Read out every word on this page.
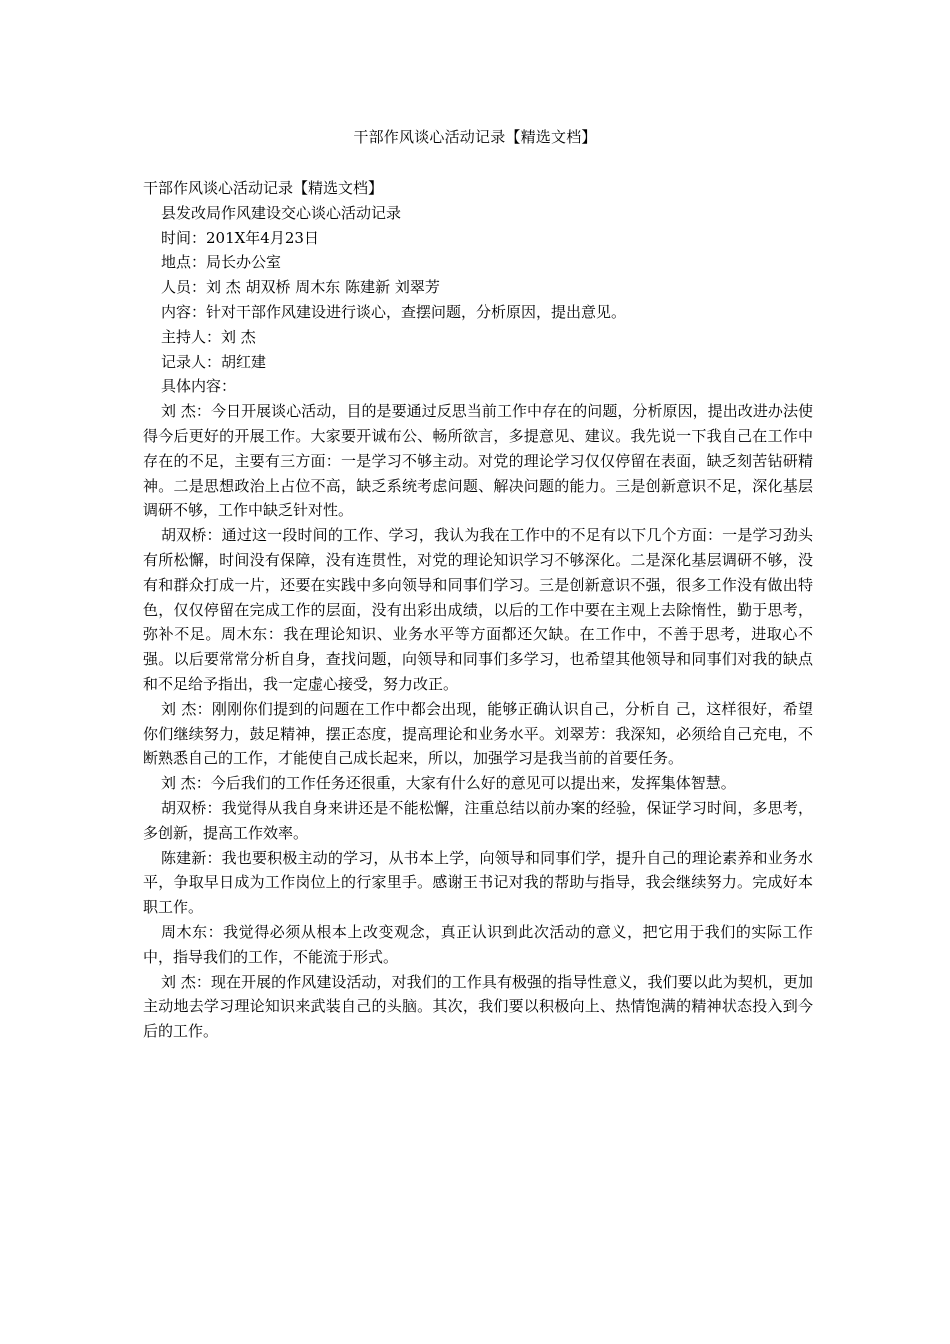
干部作风谈心活动记录【精选文档】

干部作风谈心活动记录【精选文档】

县发改局作风建设交心谈心活动记录

时间：201X年4月23日

地点：局长办公室

人员：刘 杰 胡双桥 周木东 陈建新 刘翠芳

内容：针对干部作风建设进行谈心，查摆问题，分析原因，提出意见。

主持人：刘 杰

记录人：胡红建

具体内容：

刘 杰：今日开展谈心活动，目的是要通过反思当前工作中存在的问题，分析原因，提出改进办法使得今后更好的开展工作。大家要开诚布公、畅所欲言，多提意见、建议。我先说一下我自己在工作中存在的不足，主要有三方面：一是学习不够主动。对党的理论学习仅仅停留在表面，缺乏刻苦钻研精神。二是思想政治上占位不高，缺乏系统考虑问题、解决问题的能力。三是创新意识不足，深化基层调研不够，工作中缺乏针对性。

胡双桥：通过这一段时间的工作、学习，我认为我在工作中的不足有以下几个方面：一是学习劲头有所松懈，时间没有保障，没有连贯性，对党的理论知识学习不够深化。二是深化基层调研不够，没有和群众打成一片，还要在实践中多向领导和同事们学习。三是创新意识不强，很多工作没有做出特色，仅仅停留在完成工作的层面，没有出彩出成绩，以后的工作中要在主观上去除惰性，勤于思考，弥补不足。周木东：我在理论知识、业务水平等方面都还欠缺。在工作中，不善于思考，进取心不强。以后要常常分析自身，查找问题，向领导和同事们多学习，也希望其他领导和同事们对我的缺点和不足给予指出，我一定虚心接受，努力改正。

刘 杰：刚刚你们提到的问题在工作中都会出现，能够正确认识自己，分析自 己，这样很好，希望你们继续努力，鼓足精神，摆正态度，提高理论和业务水平。刘翠芳：我深知，必须给自己充电，不断熟悉自己的工作，才能使自己成长起来，所以，加强学习是我当前的首要任务。

刘 杰：今后我们的工作任务还很重，大家有什么好的意见可以提出来，发挥集体智慧。

胡双桥：我觉得从我自身来讲还是不能松懈，注重总结以前办案的经验，保证学习时间，多思考，多创新，提高工作效率。

陈建新：我也要积极主动的学习，从书本上学，向领导和同事们学，提升自己的理论素养和业务水平，争取早日成为工作岗位上的行家里手。感谢王书记对我的帮助与指导，我会继续努力。完成好本职工作。

周木东：我觉得必须从根本上改变观念，真正认识到此次活动的意义，把它用于我们的实际工作中，指导我们的工作，不能流于形式。

刘 杰：现在开展的作风建设活动，对我们的工作具有极强的指导性意义，我们要以此为契机，更加主动地去学习理论知识来武装自己的头脑。其次，我们要以积极向上、热情饱满的精神状态投入到今后的工作。
